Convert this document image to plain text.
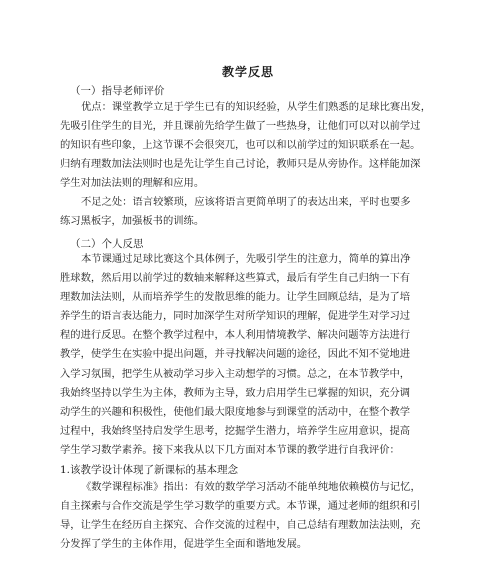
教学反思
（一）指导老师评价
优点：课堂教学立足于学生已有的知识经验，从学生们熟悉的足球比赛出发，
先吸引住学生的目光，并且课前先给学生做了一些热身，让他们可以对以前学过
的知识有些印象，上这节课不会很突兀，也可以和以前学过的知识联系在一起。
归纳有理数加法法则时也是先让学生自己讨论，教师只是从旁协作。这样能加深
学生对加法法则的理解和应用。
不足之处：语言较繁琐，应该将语言更简单明了的表达出来，平时也要多
练习黑板字，加强板书的训练。
（二）个人反思
本节课通过足球比赛这个具体例子，先吸引学生的注意力，简单的算出净
胜球数，然后用以前学过的数轴来解释这些算式，最后有学生自己归纳一下有
理数加法法则，从而培养学生的发散思维的能力。让学生回顾总结，是为了培
养学生的语言表达能力，同时加深学生对所学知识的理解，促进学生对学习过
程的进行反思。在整个教学过程中，本人利用情境教学、解决问题等方法进行
教学，使学生在实验中提出问题，并寻找解决问题的途径，因此不知不觉地进
入学习氛围，把学生从被动学习步入主动想学的习惯。总之，在本节教学中，
我始终坚持以学生为主体，教师为主导，致力启用学生已掌握的知识，充分调
动学生的兴趣和积极性，使他们最大限度地参与到课堂的活动中，在整个教学
过程中，我始终坚持启发学生思考，挖掘学生潜力，培养学生应用意识，提高
学生学习数学素养。接下来我从以下几方面对本节课的教学进行自我评价：
1.该教学设计体现了新课标的基本理念
《数学课程标准》指出：有效的数学学习活动不能单纯地依赖模仿与记忆，
自主探索与合作交流是学生学习数学的重要方式。本节课，通过老师的组织和引
导，让学生在经历自主探究、合作交流的过程中，自己总结有理数加法法则，充
分发挥了学生的主体作用，促进学生全面和谐地发展。
